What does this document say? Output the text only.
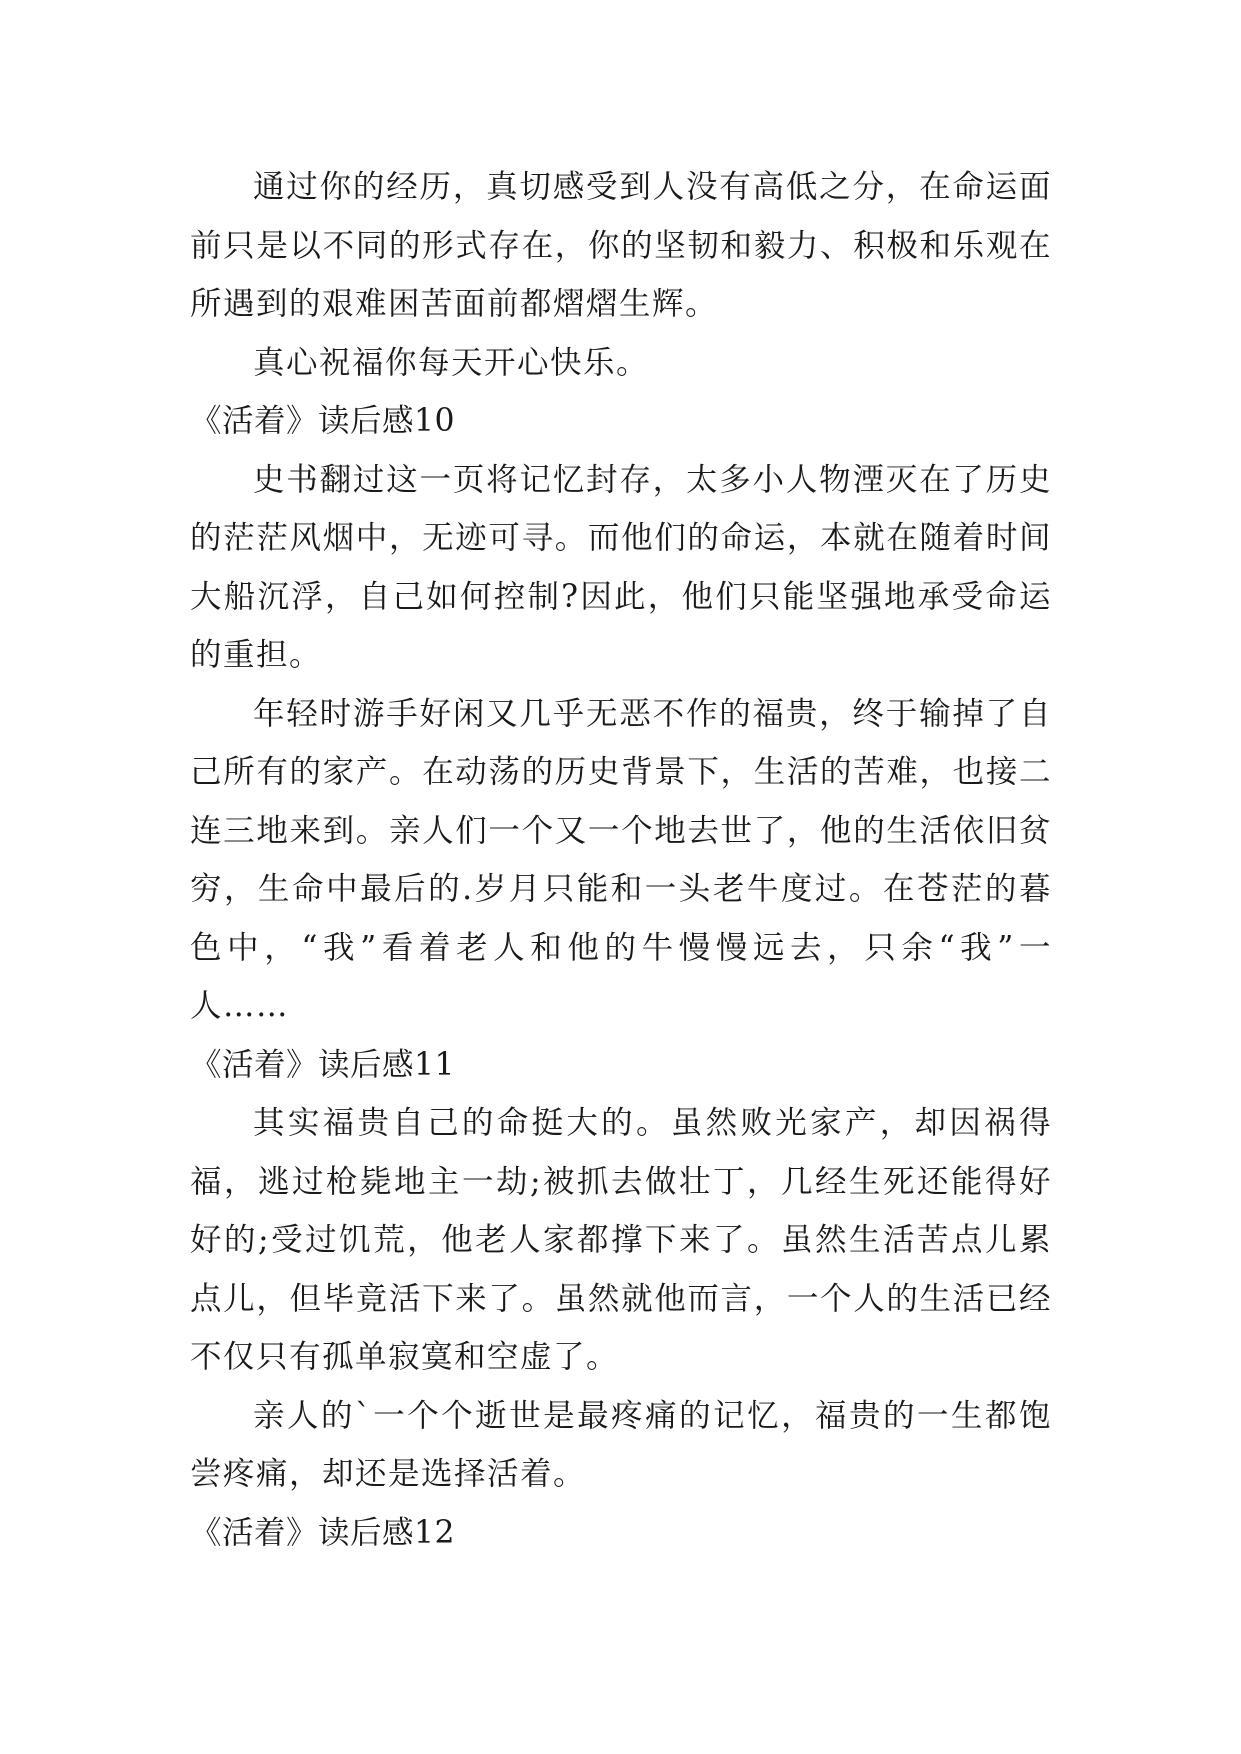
通过你的经历，真切感受到人没有高低之分，在命运面前只是以不同的形式存在，你的坚韧和毅力、积极和乐观在所遇到的艰难困苦面前都熠熠生辉。

真心祝福你每天开心快乐。

《活着》读后感10

史书翻过这一页将记忆封存，太多小人物湮灭在了历史的茫茫风烟中，无迹可寻。而他们的命运，本就在随着时间大船沉浮，自己如何控制?因此，他们只能坚强地承受命运的重担。

年轻时游手好闲又几乎无恶不作的福贵，终于输掉了自己所有的家产。在动荡的历史背景下，生活的苦难，也接二连三地来到。亲人们一个又一个地去世了，他的生活依旧贫穷，生命中最后的.岁月只能和一头老牛度过。在苍茫的暮色中，“我”看着老人和他的牛慢慢远去，只余“我”一人……

《活着》读后感11

其实福贵自己的命挺大的。虽然败光家产，却因祸得福，逃过枪毙地主一劫;被抓去做壮丁，几经生死还能得好好的;受过饥荒，他老人家都撑下来了。虽然生活苦点儿累点儿，但毕竟活下来了。虽然就他而言，一个人的生活已经不仅只有孤单寂寞和空虚了。

亲人的`一个个逝世是最疼痛的记忆，福贵的一生都饱尝疼痛，却还是选择活着。

《活着》读后感12
